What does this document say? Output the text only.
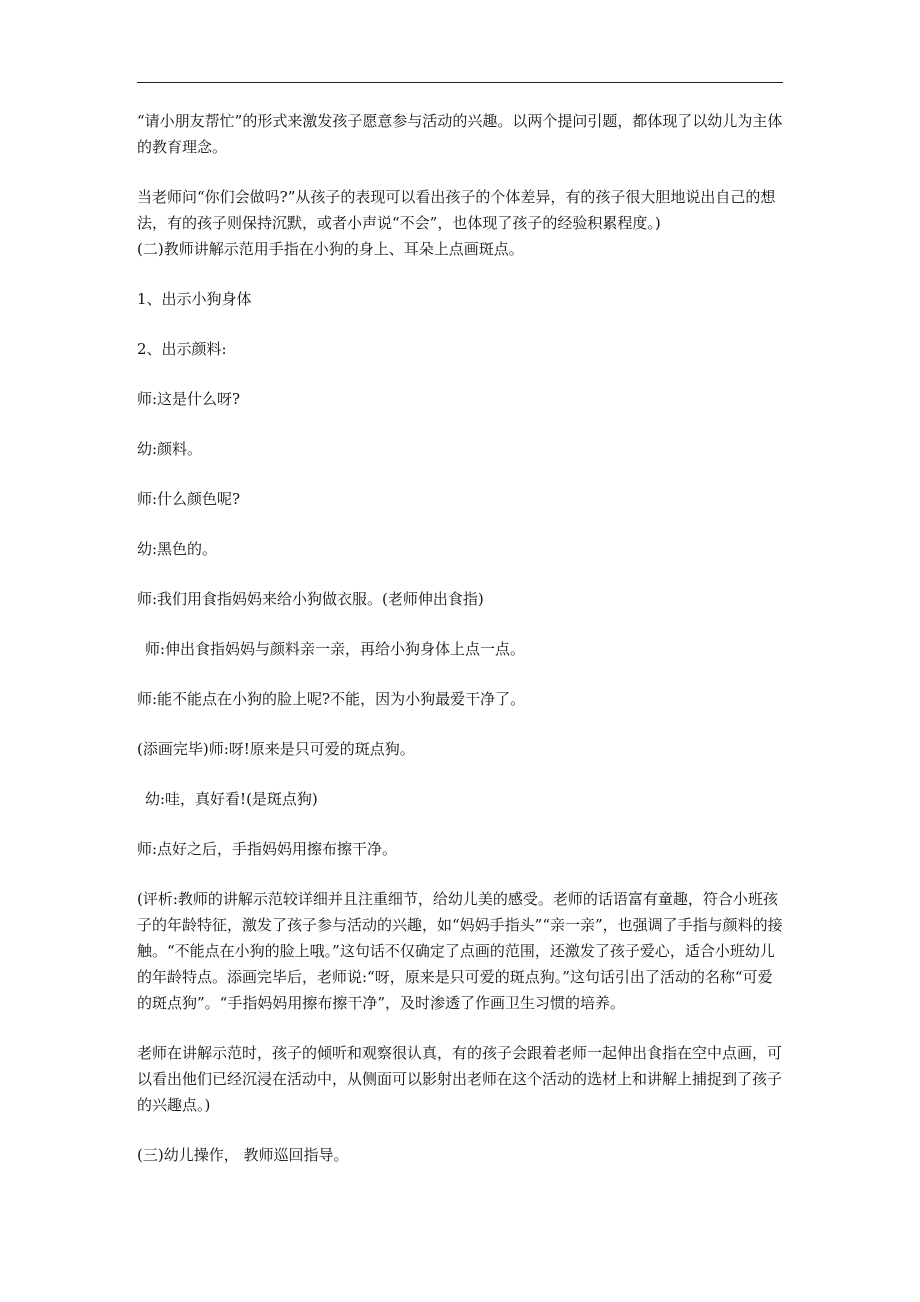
“请小朋友帮忙”的形式来激发孩子愿意参与活动的兴趣。以两个提问引题，都体现了以幼儿为主体的教育理念。

当老师问“你们会做吗?”从孩子的表现可以看出孩子的个体差异，有的孩子很大胆地说出自己的想法，有的孩子则保持沉默，或者小声说“不会”，也体现了孩子的经验积累程度。)

(二)教师讲解示范用手指在小狗的身上、耳朵上点画斑点。

1、出示小狗身体

2、出示颜料:

师:这是什么呀?

幼:颜料。

师:什么颜色呢?

幼:黑色的。

师:我们用食指妈妈来给小狗做衣服。(老师伸出食指)

师:伸出食指妈妈与颜料亲一亲，再给小狗身体上点一点。

师:能不能点在小狗的脸上呢?不能，因为小狗最爱干净了。

(添画完毕)师:呀!原来是只可爱的斑点狗。

幼:哇，真好看!(是斑点狗)

师:点好之后，手指妈妈用擦布擦干净。

(评析:教师的讲解示范较详细并且注重细节，给幼儿美的感受。老师的话语富有童趣，符合小班孩子的年龄特征，激发了孩子参与活动的兴趣，如“妈妈手指头”“亲一亲”，也强调了手指与颜料的接触。“不能点在小狗的脸上哦。”这句话不仅确定了点画的范围，还激发了孩子爱心，适合小班幼儿的年龄特点。添画完毕后，老师说:“呀，原来是只可爱的斑点狗。”这句话引出了活动的名称“可爱的斑点狗”。“手指妈妈用擦布擦干净”，及时渗透了作画卫生习惯的培养。

老师在讲解示范时，孩子的倾听和观察很认真，有的孩子会跟着老师一起伸出食指在空中点画，可以看出他们已经沉浸在活动中，从侧面可以影射出老师在这个活动的选材上和讲解上捕捉到了孩子的兴趣点。)

(三)幼儿操作， 教师巡回指导。
